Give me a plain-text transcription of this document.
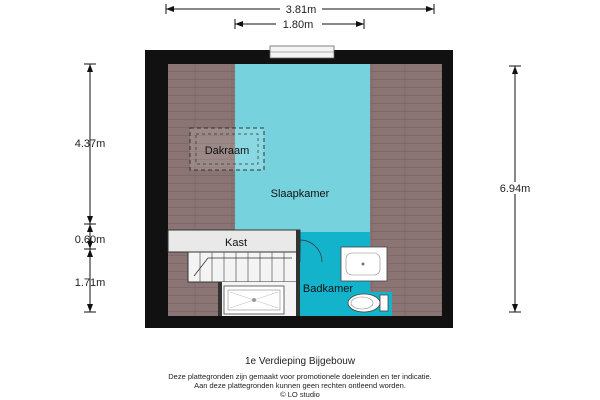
Dakraam
Slaapkamer
Kast
Badkamer
3.81m
1.80m
4.37m
0.60m
1.71m
6.94m
1e Verdieping Bijgebouw
Deze plattegronden zijn gemaakt voor promotionele doeleinden en ter indicatie.
Aan deze plattegronden kunnen geen rechten ontleend worden.
© LO studio
